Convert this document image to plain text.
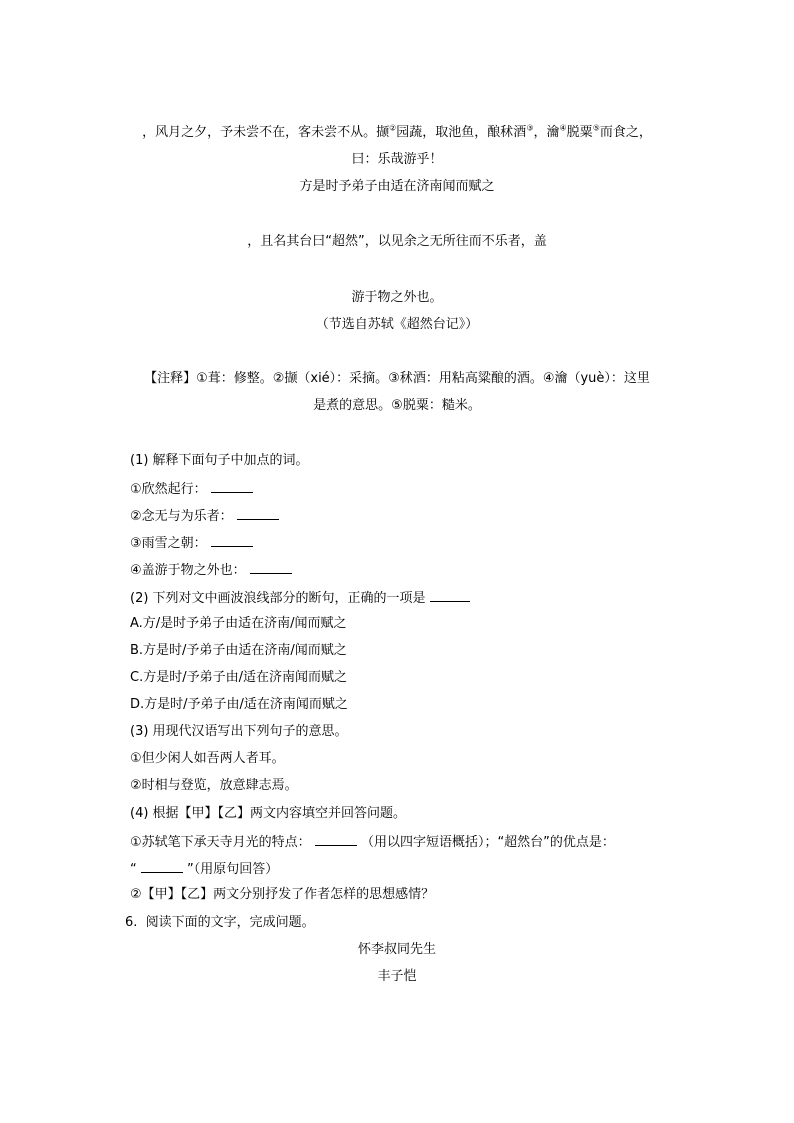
，风月之夕，予未尝不在，客未尝不从。撷②园蔬，取池鱼，酿秫酒③，瀹④脱粟⑤而食之，
曰：乐哉游乎！
方是时予弟子由适在济南闻而赋之
，且名其台曰“超然”，以见余之无所往而不乐者，盖
游于物之外也。
（节选自苏轼《超然台记》）
【注释】①葺：修整。②撷（xié）：采摘。③秫酒：用粘高粱酿的酒。④瀹（yuè）：这里
是煮的意思。⑤脱粟：糙米。
(1) 解释下面句子中加点的词。
①欣然起行：
②念无与为乐者：
③雨雪之朝：
④盖游于物之外也：
(2) 下列对文中画波浪线部分的断句，正确的一项是
A.方/是时予弟子由适在济南/闻而赋之
B.方是时/予弟子由适在济南/闻而赋之
C.方是时/予弟子由/适在济南闻而赋之
D.方是时/予弟子由/适在济南闻而赋之
(3) 用现代汉语写出下列句子的意思。
①但少闲人如吾两人者耳。
②时相与登览，放意肆志焉。
(4) 根据【甲】【乙】两文内容填空并回答问题。
①苏轼笔下承天寺月光的特点：	（用以四字短语概括）；“超然台”的优点是：
“	”（用原句回答）
②【甲】【乙】两文分别抒发了作者怎样的思想感情？
6. 阅读下面的文字，完成问题。
怀李叔同先生
丰子恺
